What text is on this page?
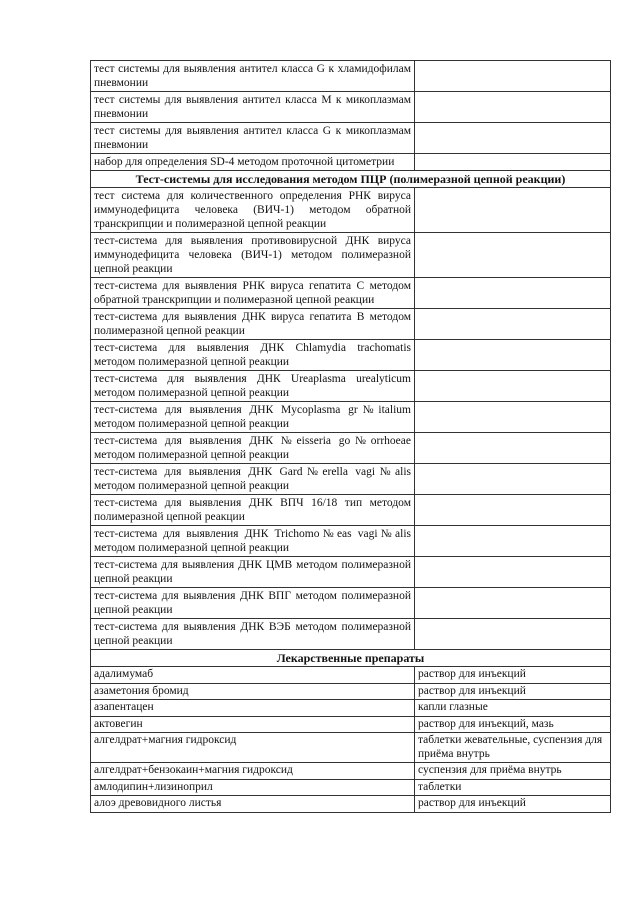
тест системы для выявления антител класса G к хламидофилам пневмонии	
тест системы для выявления антител класса M к микоплазмам пневмонии	
тест системы для выявления антител класса G к микоплазмам пневмонии	
набор для определения SD-4 методом проточной цитометрии	
Тест-системы для исследования методом ПЦР (полимеразной цепной реакции)	
тест система для количественного определения РНК вируса иммунодефицита человека (ВИЧ-1) методом обратной транскрипции и полимеразной цепной реакции	
тест-система для выявления противовирусной ДНК вируса иммунодефицита человека (ВИЧ-1) методом полимеразной цепной реакции	
тест-система для выявления РНК вируса гепатита С методом обратной транскрипции и полимеразной цепной реакции	
тест-система для выявления ДНК вируса гепатита В методом полимеразной цепной реакции	
тест-система для выявления ДНК Chlamydia trachomatis методом полимеразной цепной реакции	
тест-система для выявления ДНК Ureaplasma urealyticum методом полимеразной цепной реакции	
тест-система для выявления ДНК Mycoplasma gr№italium методом полимеразной цепной реакции	
тест-система для выявления ДНК №eisseria go№orrhoeae методом полимеразной цепной реакции	
тест-система для выявления ДНК Gard№erella vagi№alis методом полимеразной цепной реакции	
тест-система для выявления ДНК ВПЧ 16/18 тип методом полимеразной цепной реакции	
тест-система для выявления ДНК Trichomo№eas vagi№alis методом полимеразной цепной реакции	
тест-система для выявления ДНК ЦМВ методом полимеразной цепной реакции	
тест-система для выявления ДНК ВПГ методом полимеразной цепной реакции	
тест-система для выявления ДНК ВЭБ методом полимеразной цепной реакции	
Лекарственные препараты	
адалимумаб	раствор для инъекций
азаметония бромид	раствор для инъекций
азапентацен	капли глазные
актовегин	раствор для инъекций, мазь
алгелдрат+магния гидроксид	таблетки жевательные, суспензия для приёма внутрь
алгелдрат+бензокаин+магния гидроксид	суспензия для приёма внутрь
амлодипин+лизиноприл	таблетки
алоэ древовидного листья	раствор для инъекций
